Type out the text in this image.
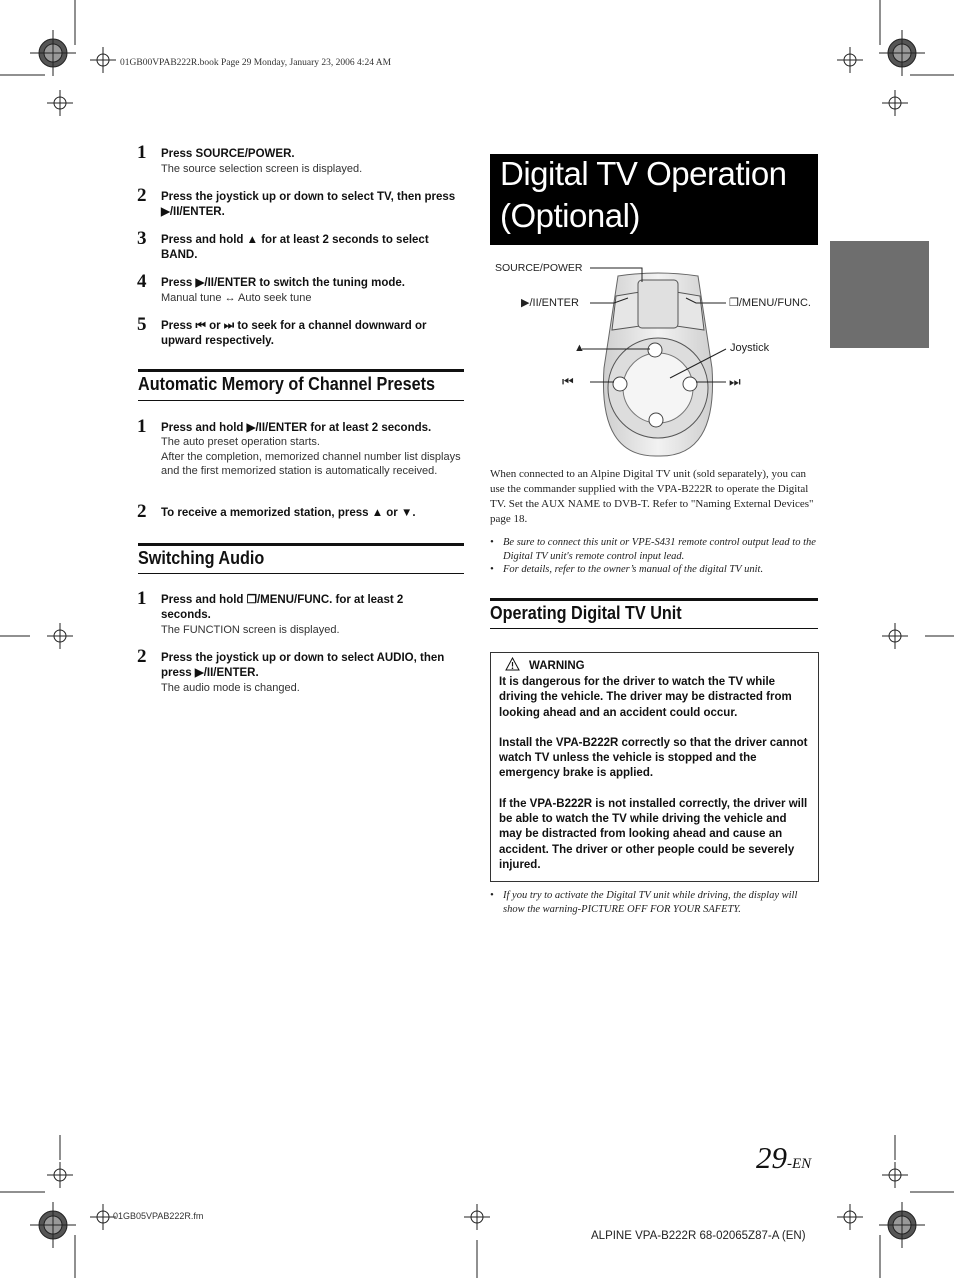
01GB00VPAB222R.book Page 29 Monday, January 23, 2006 4:24 AM
1 Press SOURCE/POWER.
The source selection screen is displayed.
2 Press the joystick up or down to select TV, then press ▶/II/ENTER.
3 Press and hold ▲ for at least 2 seconds to select BAND.
4 Press ▶/II/ENTER to switch the tuning mode.
Manual tune ↔ Auto seek tune
5 Press ⏮ or ⏭ to seek for a channel downward or upward respectively.
Automatic Memory of Channel Presets
1 Press and hold ▶/II/ENTER for at least 2 seconds.
The auto preset operation starts.
After the completion, memorized channel number list displays and the first memorized station is automatically received.
2 To receive a memorized station, press ▲ or ▼.
Switching Audio
1 Press and hold ❐/MENU/FUNC. for at least 2 seconds.
The FUNCTION screen is displayed.
2 Press the joystick up or down to select AUDIO, then press ▶/II/ENTER.
The audio mode is changed.
Digital TV Operation
(Optional)
SOURCE/POWER
▶/II/ENTER	❐/MENU/FUNC.
▲	Joystick
⏮	⏭
When connected to an Alpine Digital TV unit (sold separately), you can use the commander supplied with the VPA-B222R to operate the Digital TV. Set the AUX NAME to DVB-T. Refer to "Naming External Devices" page 18.
• Be sure to connect this unit or VPE-S431 remote control output lead to the Digital TV unit's remote control input lead.
• For details, refer to the owner’s manual of the digital TV unit.
Operating Digital TV Unit
WARNING

It is dangerous for the driver to watch the TV while driving the vehicle. The driver may be distracted from looking ahead and an accident could occur.

Install the VPA-B222R correctly so that the driver cannot watch TV unless the vehicle is stopped and the emergency brake is applied.

If the VPA-B222R is not installed correctly, the driver will be able to watch the TV while driving the vehicle and may be distracted from looking ahead and cause an accident. The driver or other people could be severely injured.

• If you try to activate the Digital TV unit while driving, the display will show the warning-PICTURE OFF FOR YOUR SAFETY.
29-EN
01GB05VPAB222R.fm
ALPINE VPA-B222R 68-02065Z87-A (EN)
